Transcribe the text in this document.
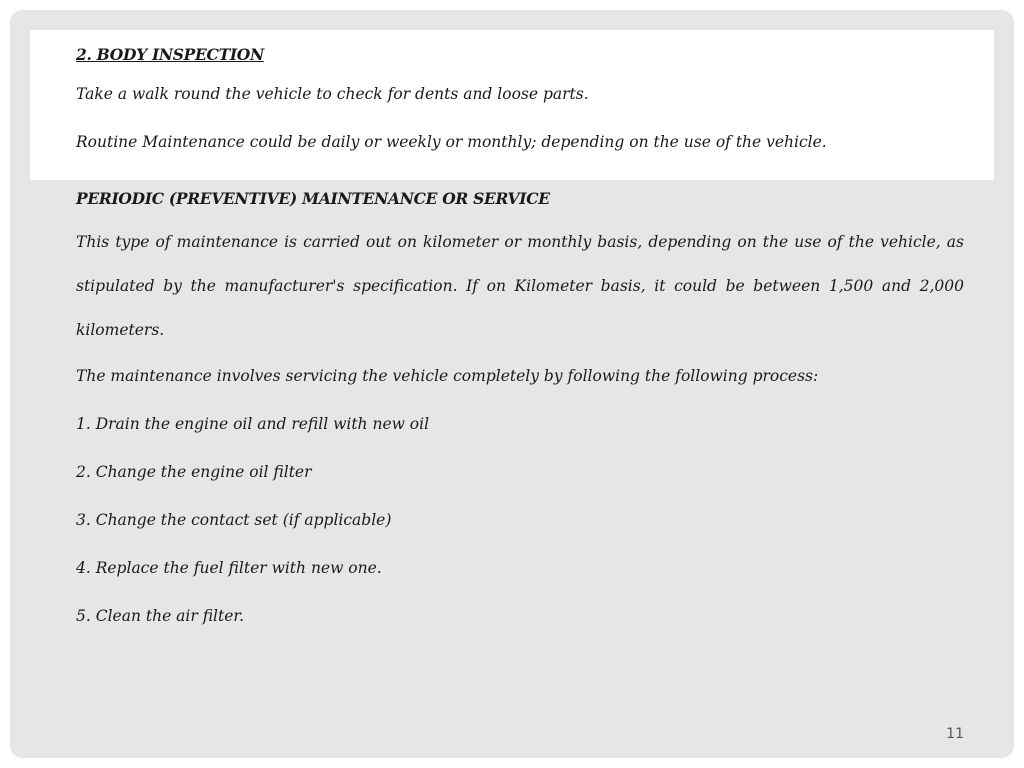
2. BODY INSPECTION

Take a walk round the vehicle to check for dents and loose parts.

Routine Maintenance could be daily or weekly or monthly; depending on the use of the vehicle.

PERIODIC (PREVENTIVE) MAINTENANCE OR SERVICE

This type of maintenance is carried out on kilometer or monthly basis, depending on the use of the vehicle, as stipulated by the manufacturer's specification. If on Kilometer basis, it could be between 1,500 and 2,000 kilometers.

The maintenance involves servicing the vehicle completely by following the following process:

1. Drain the engine oil and refill with new oil

2. Change the engine oil filter

3. Change the contact set (if applicable)

4. Replace the fuel filter with new one.

5. Clean the air filter.

11
